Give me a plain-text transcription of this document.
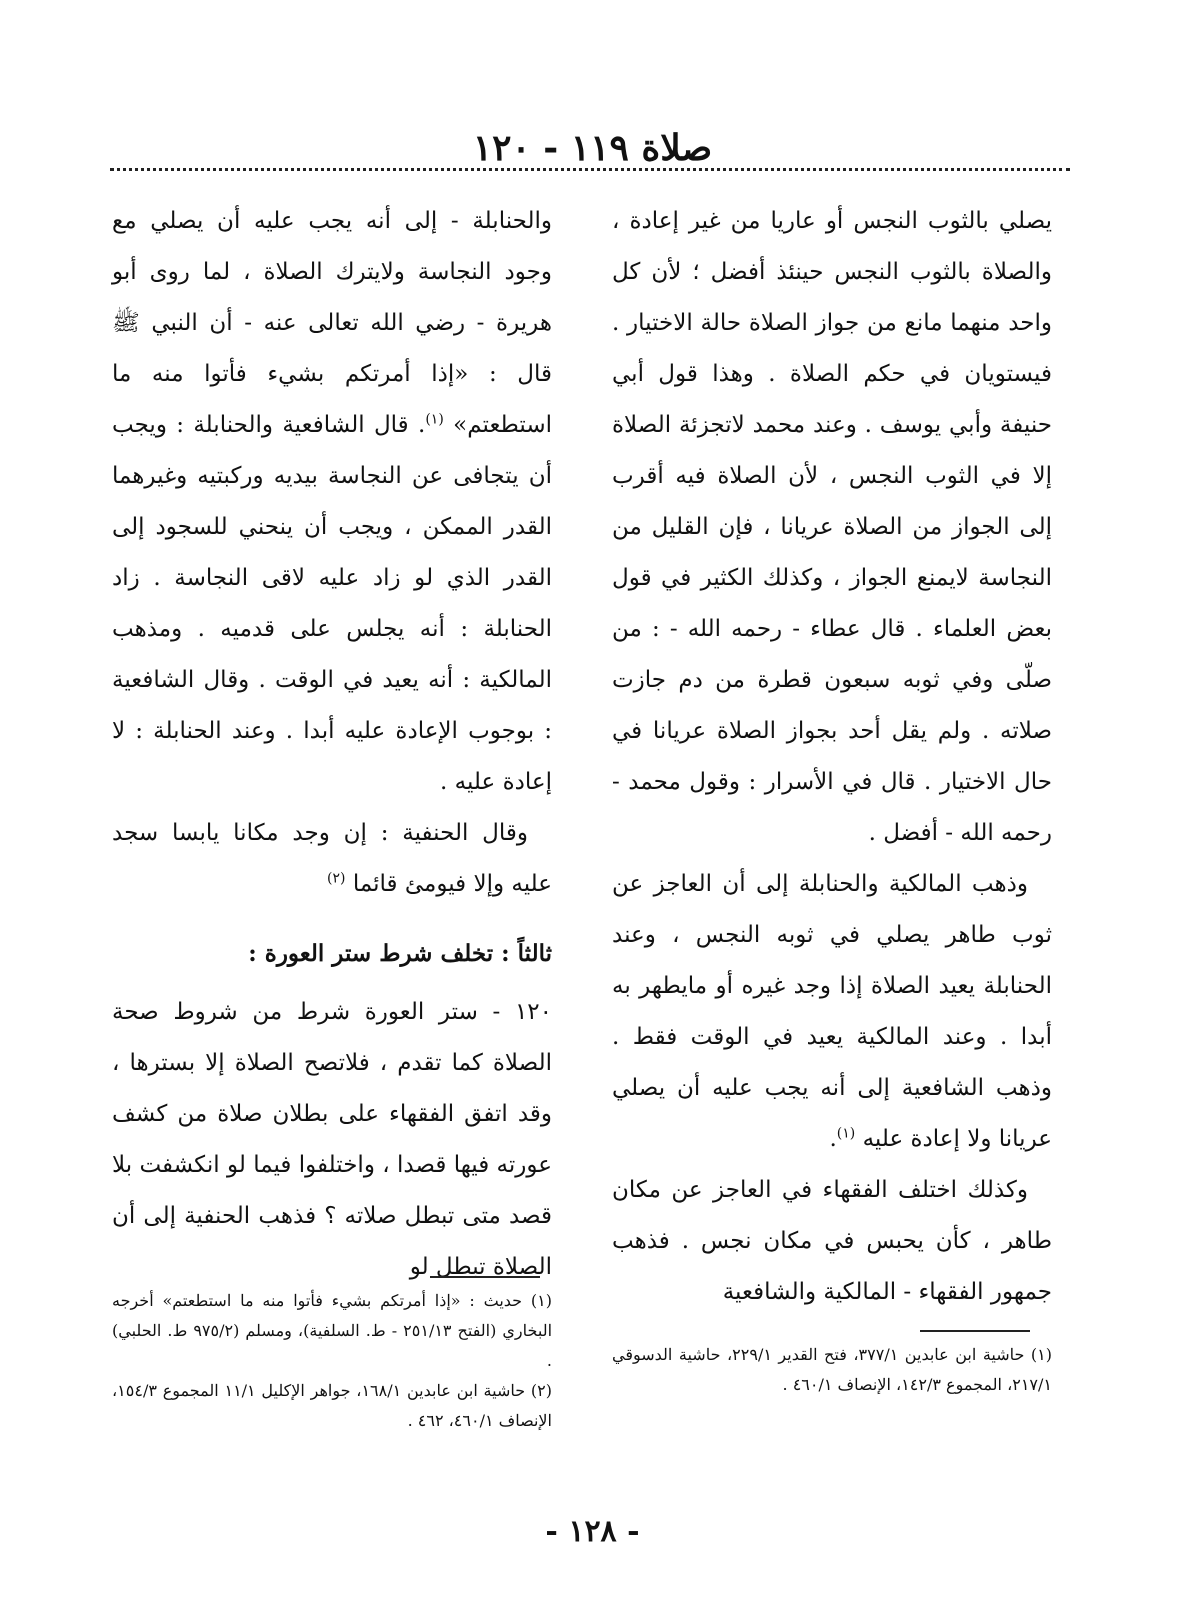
صلاة ١١٩ - ١٢٠

يصلي بالثوب النجس أو عاريا من غير إعادة ، والصلاة بالثوب النجس حينئذ أفضل ؛ لأن كل واحد منهما مانع من جواز الصلاة حالة الاختيار . فيستويان في حكم الصلاة . وهذا قول أبي حنيفة وأبي يوسف . وعند محمد لاتجزئة الصلاة إلا في الثوب النجس ، لأن الصلاة فيه أقرب إلى الجواز من الصلاة عريانا ، فإن القليل من النجاسة لايمنع الجواز ، وكذلك الكثير في قول بعض العلماء . قال عطاء - رحمه الله - : من صلّى وفي ثوبه سبعون قطرة من دم جازت صلاته . ولم يقل أحد بجواز الصلاة عريانا في حال الاختيار . قال في الأسرار : وقول محمد - رحمه الله - أفضل .

وذهب المالكية والحنابلة إلى أن العاجز عن ثوب طاهر يصلي في ثوبه النجس ، وعند الحنابلة يعيد الصلاة إذا وجد غيره أو مايطهر به أبدا . وعند المالكية يعيد في الوقت فقط . وذهب الشافعية إلى أنه يجب عليه أن يصلي عريانا ولا إعادة عليه $^{(١)}$.

وكذلك اختلف الفقهاء في العاجز عن مكان طاهر ، كأن يحبس في مكان نجس . فذهب جمهور الفقهاء - المالكية والشافعية

والحنابلة - إلى أنه يجب عليه أن يصلي مع وجود النجاسة ولايترك الصلاة ، لما روى أبو هريرة - رضي الله تعالى عنه - أن النبي ﷺ قال : «إذا أمرتكم بشيء فأتوا منه ما استطعتم» $^{(١)}$. قال الشافعية والحنابلة : ويجب أن يتجافى عن النجاسة بيديه وركبتيه وغيرهما القدر الممكن ، ويجب أن ينحني للسجود إلى القدر الذي لو زاد عليه لاقى النجاسة . زاد الحنابلة : أنه يجلس على قدميه . ومذهب المالكية : أنه يعيد في الوقت . وقال الشافعية : بوجوب الإعادة عليه أبدا . وعند الحنابلة : لا إعادة عليه .

وقال الحنفية : إن وجد مكانا يابسا سجد عليه وإلا فيومئ قائما $^{(٢)}$

ثالثاً : تخلف شرط ستر العورة :

١٢٠ - ستر العورة شرط من شروط صحة الصلاة كما تقدم ، فلاتصح الصلاة إلا بسترها ، وقد اتفق الفقهاء على بطلان صلاة من كشف عورته فيها قصدا ، واختلفوا فيما لو انكشفت بلا قصد متى تبطل صلاته ؟ فذهب الحنفية إلى أن الصلاة تبطل لو

(١) حاشية ابن عابدين ٣٧٧/١، فتح القدير ٢٢٩/١، حاشية الدسوقي ٢١٧/١، المجموع ١٤٢/٣، الإنصاف ٤٦٠/١ .

(١) حديث : «إذا أمرتكم بشيء فأتوا منه ما استطعتم» أخرجه البخاري (الفتح ٢٥١/١٣ - ط. السلفية)، ومسلم (٩٧٥/٢ ط. الحلبي) .

(٢) حاشية ابن عابدين ١٦٨/١، جواهر الإكليل ١١/١ المجموع ١٥٤/٣، الإنصاف ٤٦٠/١، ٤٦٢ .

- ١٢٨ -
